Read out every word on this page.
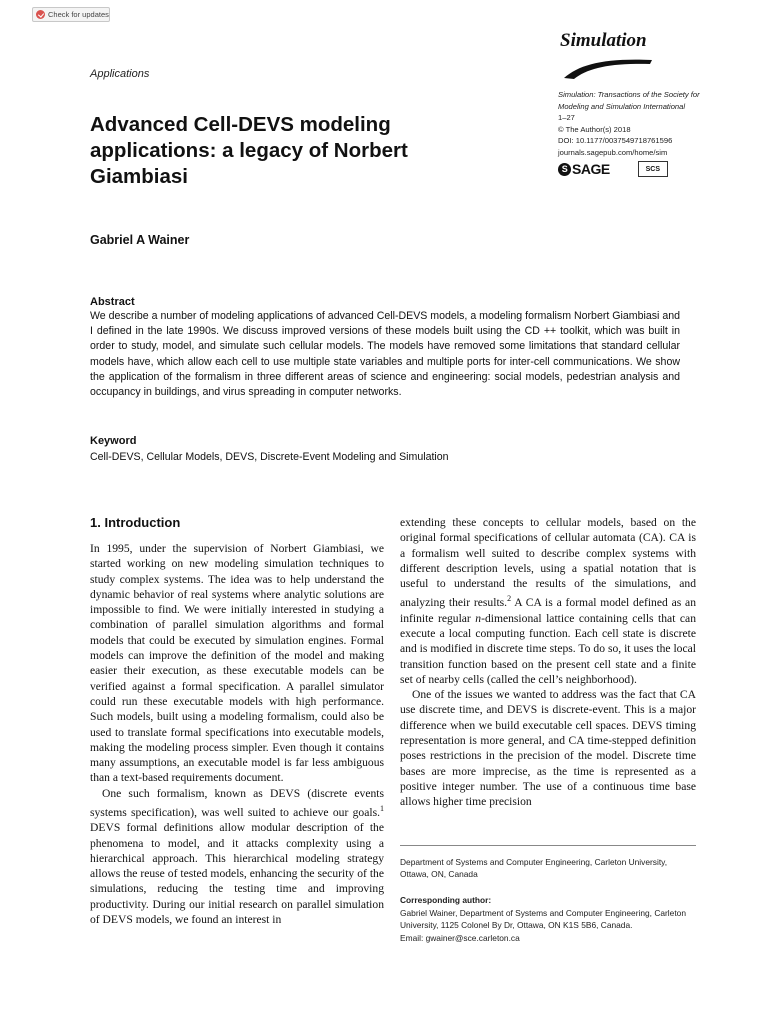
Check for updates
Applications
Simulation
Simulation: Transactions of the Society for Modeling and Simulation International
1–27
© The Author(s) 2018
DOI: 10.1177/0037549718761596
journals.sagepub.com/home/sim
S SAGE	SCS
Advanced Cell-DEVS modeling applications: a legacy of Norbert Giambiasi
Gabriel A Wainer
Abstract
We describe a number of modeling applications of advanced Cell-DEVS models, a modeling formalism Norbert Giambiasi and I defined in the late 1990s. We discuss improved versions of these models built using the CD ++ toolkit, which was built in order to study, model, and simulate such cellular models. The models have removed some limitations that standard cellular models have, which allow each cell to use multiple state variables and multiple ports for inter-cell communications. We show the application of the formalism in three different areas of science and engineering: social models, pedestrian analysis and occupancy in buildings, and virus spreading in computer networks.
Keyword
Cell-DEVS, Cellular Models, DEVS, Discrete-Event Modeling and Simulation
1. Introduction

In 1995, under the supervision of Norbert Giambiasi, we started working on new modeling simulation techniques to study complex systems. The idea was to help understand the dynamic behavior of real systems where analytic solutions are impossible to find. We were initially interested in studying a combination of parallel simulation algorithms and formal models that could be executed by simulation engines. Formal models can improve the definition of the model and making easier their execution, as these executable models can be verified against a formal specification. A parallel simulator could run these executable models with high performance. Such models, built using a modeling formalism, could also be used to translate formal specifications into executable models, making the modeling process simpler. Even though it contains many assumptions, an executable model is far less ambiguous than a text-based requirements document.

One such formalism, known as DEVS (discrete events systems specification), was well suited to achieve our goals.$^1$ DEVS formal definitions allow modular description of the phenomena to model, and it attacks complexity using a hierarchical approach. This hierarchical modeling strategy allows the reuse of tested models, enhancing the security of the simulations, reducing the testing time and improving productivity. During our initial research on parallel simulation of DEVS models, we found an interest in

extending these concepts to cellular models, based on the original formal specifications of cellular automata (CA). CA is a formalism well suited to describe complex systems with different description levels, using a spatial notation that is useful to understand the results of the simulations, and analyzing their results.$^2$ A CA is a formal model defined as an infinite regular n-dimensional lattice containing cells that can execute a local computing function. Each cell state is discrete and is modified in discrete time steps. To do so, it uses the local transition function based on the present cell state and a finite set of nearby cells (called the cell’s neighborhood).

One of the issues we wanted to address was the fact that CA use discrete time, and DEVS is discrete-event. This is a major difference when we build executable cell spaces. DEVS timing representation is more general, and CA time-stepped definition poses restrictions in the precision of the model. Discrete time bases are more imprecise, as the time is represented as a positive integer number. The use of a continuous time base allows higher time precision

Department of Systems and Computer Engineering, Carleton University, Ottawa, ON, Canada
Corresponding author:
Gabriel Wainer, Department of Systems and Computer Engineering, Carleton University, 1125 Colonel By Dr, Ottawa, ON K1S 5B6, Canada.
Email: gwainer@sce.carleton.ca
